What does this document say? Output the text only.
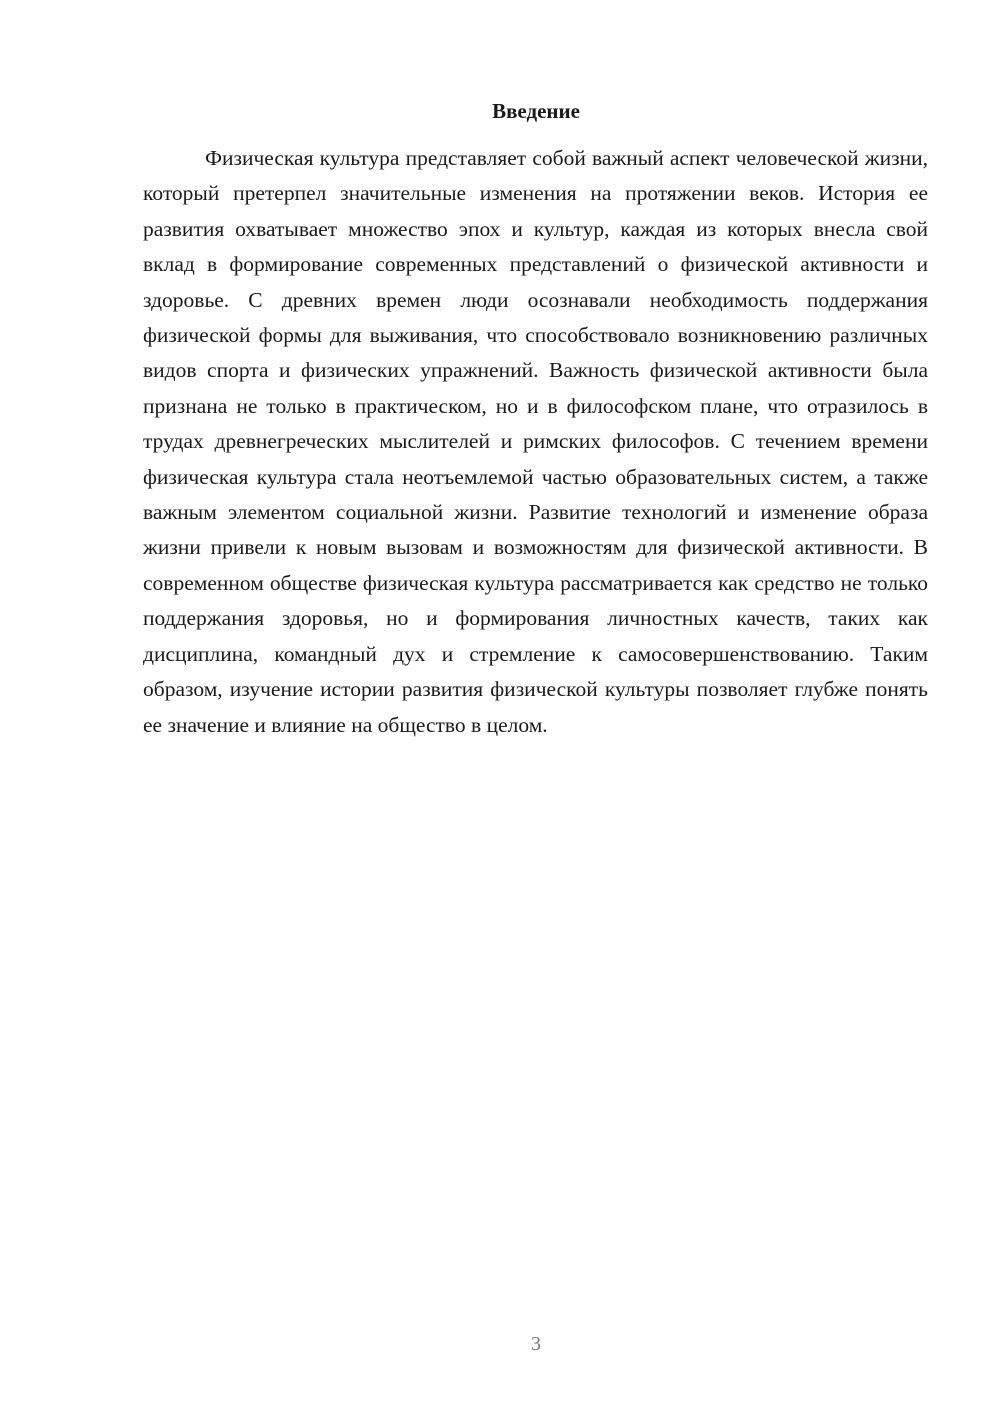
Введение

Физическая культура представляет собой важный аспект человеческой жизни, который претерпел значительные изменения на протяжении веков. История ее развития охватывает множество эпох и культур, каждая из которых внесла свой вклад в формирование современных представлений о физической активности и здоровье. С древних времен люди осознавали необходимость поддержания физической формы для выживания, что способствовало возникновению различных видов спорта и физических упражнений. Важность физической активности была признана не только в практическом, но и в философском плане, что отразилось в трудах древнегреческих мыслителей и римских философов. С течением времени физическая культура стала неотъемлемой частью образовательных систем, а также важным элементом социальной жизни. Развитие технологий и изменение образа жизни привели к новым вызовам и возможностям для физической активности. В современном обществе физическая культура рассматривается как средство не только поддержания здоровья, но и формирования личностных качеств, таких как дисциплина, командный дух и стремление к самосовершенствованию. Таким образом, изучение истории развития физической культуры позволяет глубже понять ее значение и влияние на общество в целом.

3
